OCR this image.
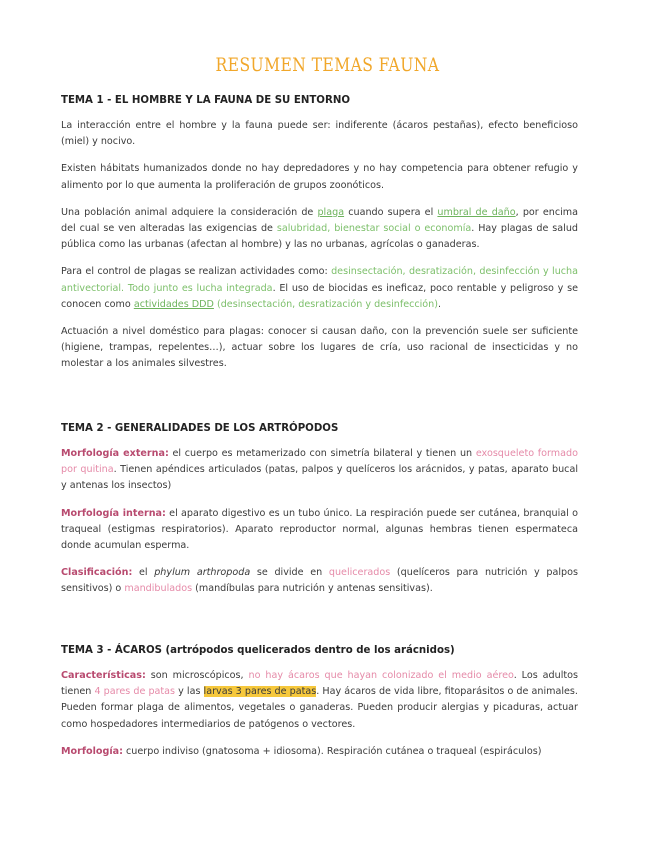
RESUMEN TEMAS FAUNA
TEMA 1 - EL HOMBRE Y LA FAUNA DE SU ENTORNO

La interacción entre el hombre y la fauna puede ser: indiferente (ácaros pestañas), efecto beneficioso (miel) y nocivo.

Existen hábitats humanizados donde no hay depredadores y no hay competencia para obtener refugio y alimento por lo que aumenta la proliferación de grupos zoonóticos.

Una población animal adquiere la consideración de plaga cuando supera el umbral de daño, por encima del cual se ven alteradas las exigencias de salubridad, bienestar social o economía. Hay plagas de salud pública como las urbanas (afectan al hombre) y las no urbanas, agrícolas o ganaderas.

Para el control de plagas se realizan actividades como: desinsectación, desratización, desinfección y lucha antivectorial. Todo junto es lucha integrada. El uso de biocidas es ineficaz, poco rentable y peligroso y se conocen como actividades DDD (desinsectación, desratización y desinfección).

Actuación a nivel doméstico para plagas: conocer si causan daño, con la prevención suele ser suficiente (higiene, trampas, repelentes…), actuar sobre los lugares de cría, uso racional de insecticidas y no molestar a los animales silvestres.

TEMA 2 - GENERALIDADES DE LOS ARTRÓPODOS

Morfología externa: el cuerpo es metamerizado con simetría bilateral y tienen un exosqueleto formado por quitina. Tienen apéndices articulados (patas, palpos y quelíceros los arácnidos, y patas, aparato bucal y antenas los insectos)

Morfología interna: el aparato digestivo es un tubo único. La respiración puede ser cutánea, branquial o traqueal (estigmas respiratorios). Aparato reproductor normal, algunas hembras tienen espermateca donde acumulan esperma.

Clasificación: el phylum arthropoda se divide en quelicerados (quelíceros para nutrición y palpos sensitivos) o mandibulados (mandíbulas para nutrición y antenas sensitivas).

TEMA 3 - ÁCAROS (artrópodos quelicerados dentro de los arácnidos)

Características: son microscópicos, no hay ácaros que hayan colonizado el medio aéreo. Los adultos tienen 4 pares de patas y las larvas 3 pares de patas. Hay ácaros de vida libre, fitoparásitos o de animales. Pueden formar plaga de alimentos, vegetales o ganaderas. Pueden producir alergias y picaduras, actuar como hospedadores intermediarios de patógenos o vectores.

Morfología: cuerpo indiviso (gnatosoma + idiosoma). Respiración cutánea o traqueal (espiráculos)
